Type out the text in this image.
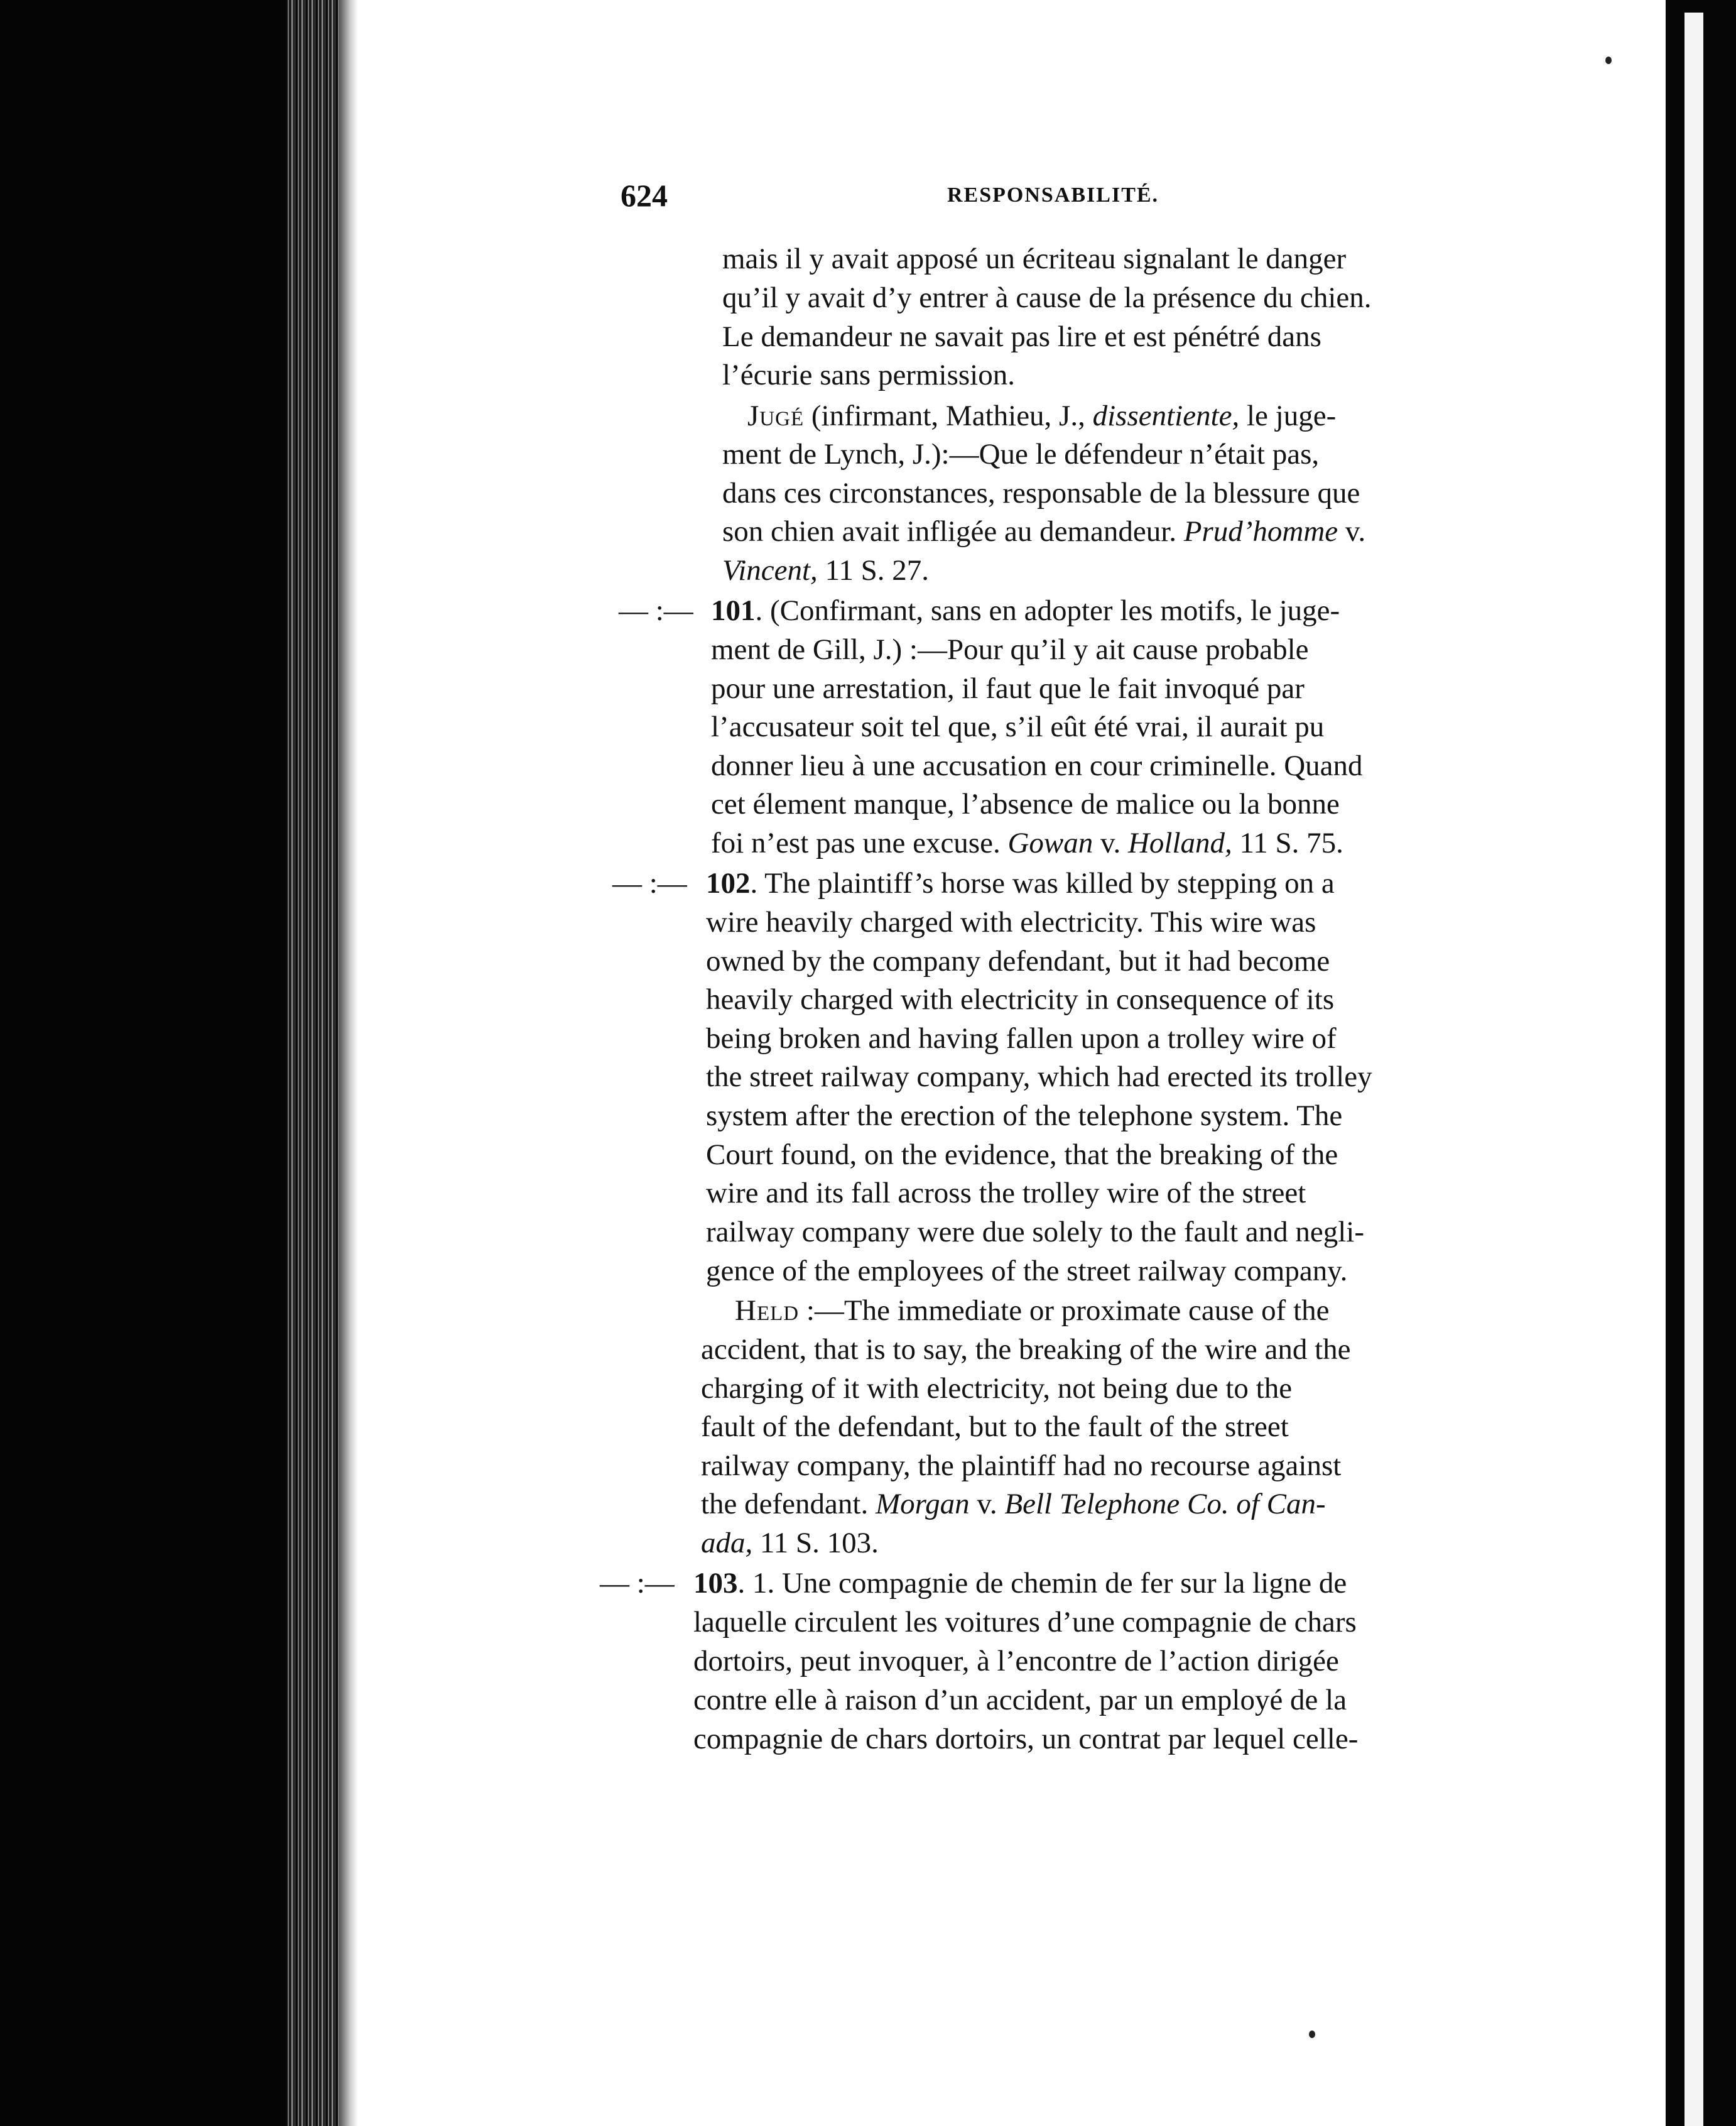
624	RESPONSABILITÉ.
mais il y avait apposé un écriteau signalant le danger
qu’il y avait d’y entrer à cause de la présence du chien.
Le demandeur ne savait pas lire et est pénétré dans
l’écurie sans permission.
Jugé (infirmant, Mathieu, J., dissentiente, le juge-
ment de Lynch, J.):—Que le défendeur n’était pas,
dans ces circonstances, responsable de la blessure que
son chien avait infligée au demandeur. Prud’homme v.
Vincent, 11 S. 27.
— :— 101. (Confirmant, sans en adopter les motifs, le juge-
ment de Gill, J.) :—Pour qu’il y ait cause probable
pour une arrestation, il faut que le fait invoqué par
l’accusateur soit tel que, s’il eût été vrai, il aurait pu
donner lieu à une accusation en cour criminelle. Quand
cet élement manque, l’absence de malice ou la bonne
foi n’est pas une excuse. Gowan v. Holland, 11 S. 75.
— :— 102. The plaintiff’s horse was killed by stepping on a
wire heavily charged with electricity. This wire was
owned by the company defendant, but it had become
heavily charged with electricity in consequence of its
being broken and having fallen upon a trolley wire of
the street railway company, which had erected its trolley
system after the erection of the telephone system. The
Court found, on the evidence, that the breaking of the
wire and its fall across the trolley wire of the street
railway company were due solely to the fault and negli-
gence of the employees of the street railway company.
Held :—The immediate or proximate cause of the
accident, that is to say, the breaking of the wire and the
charging of it with electricity, not being due to the
fault of the defendant, but to the fault of the street
railway company, the plaintiff had no recourse against
the defendant. Morgan v. Bell Telephone Co. of Can-
ada, 11 S. 103.
— :— 103. 1. Une compagnie de chemin de fer sur la ligne de
laquelle circulent les voitures d’une compagnie de chars
dortoirs, peut invoquer, à l’encontre de l’action dirigée
contre elle à raison d’un accident, par un employé de la
compagnie de chars dortoirs, un contrat par lequel celle-
